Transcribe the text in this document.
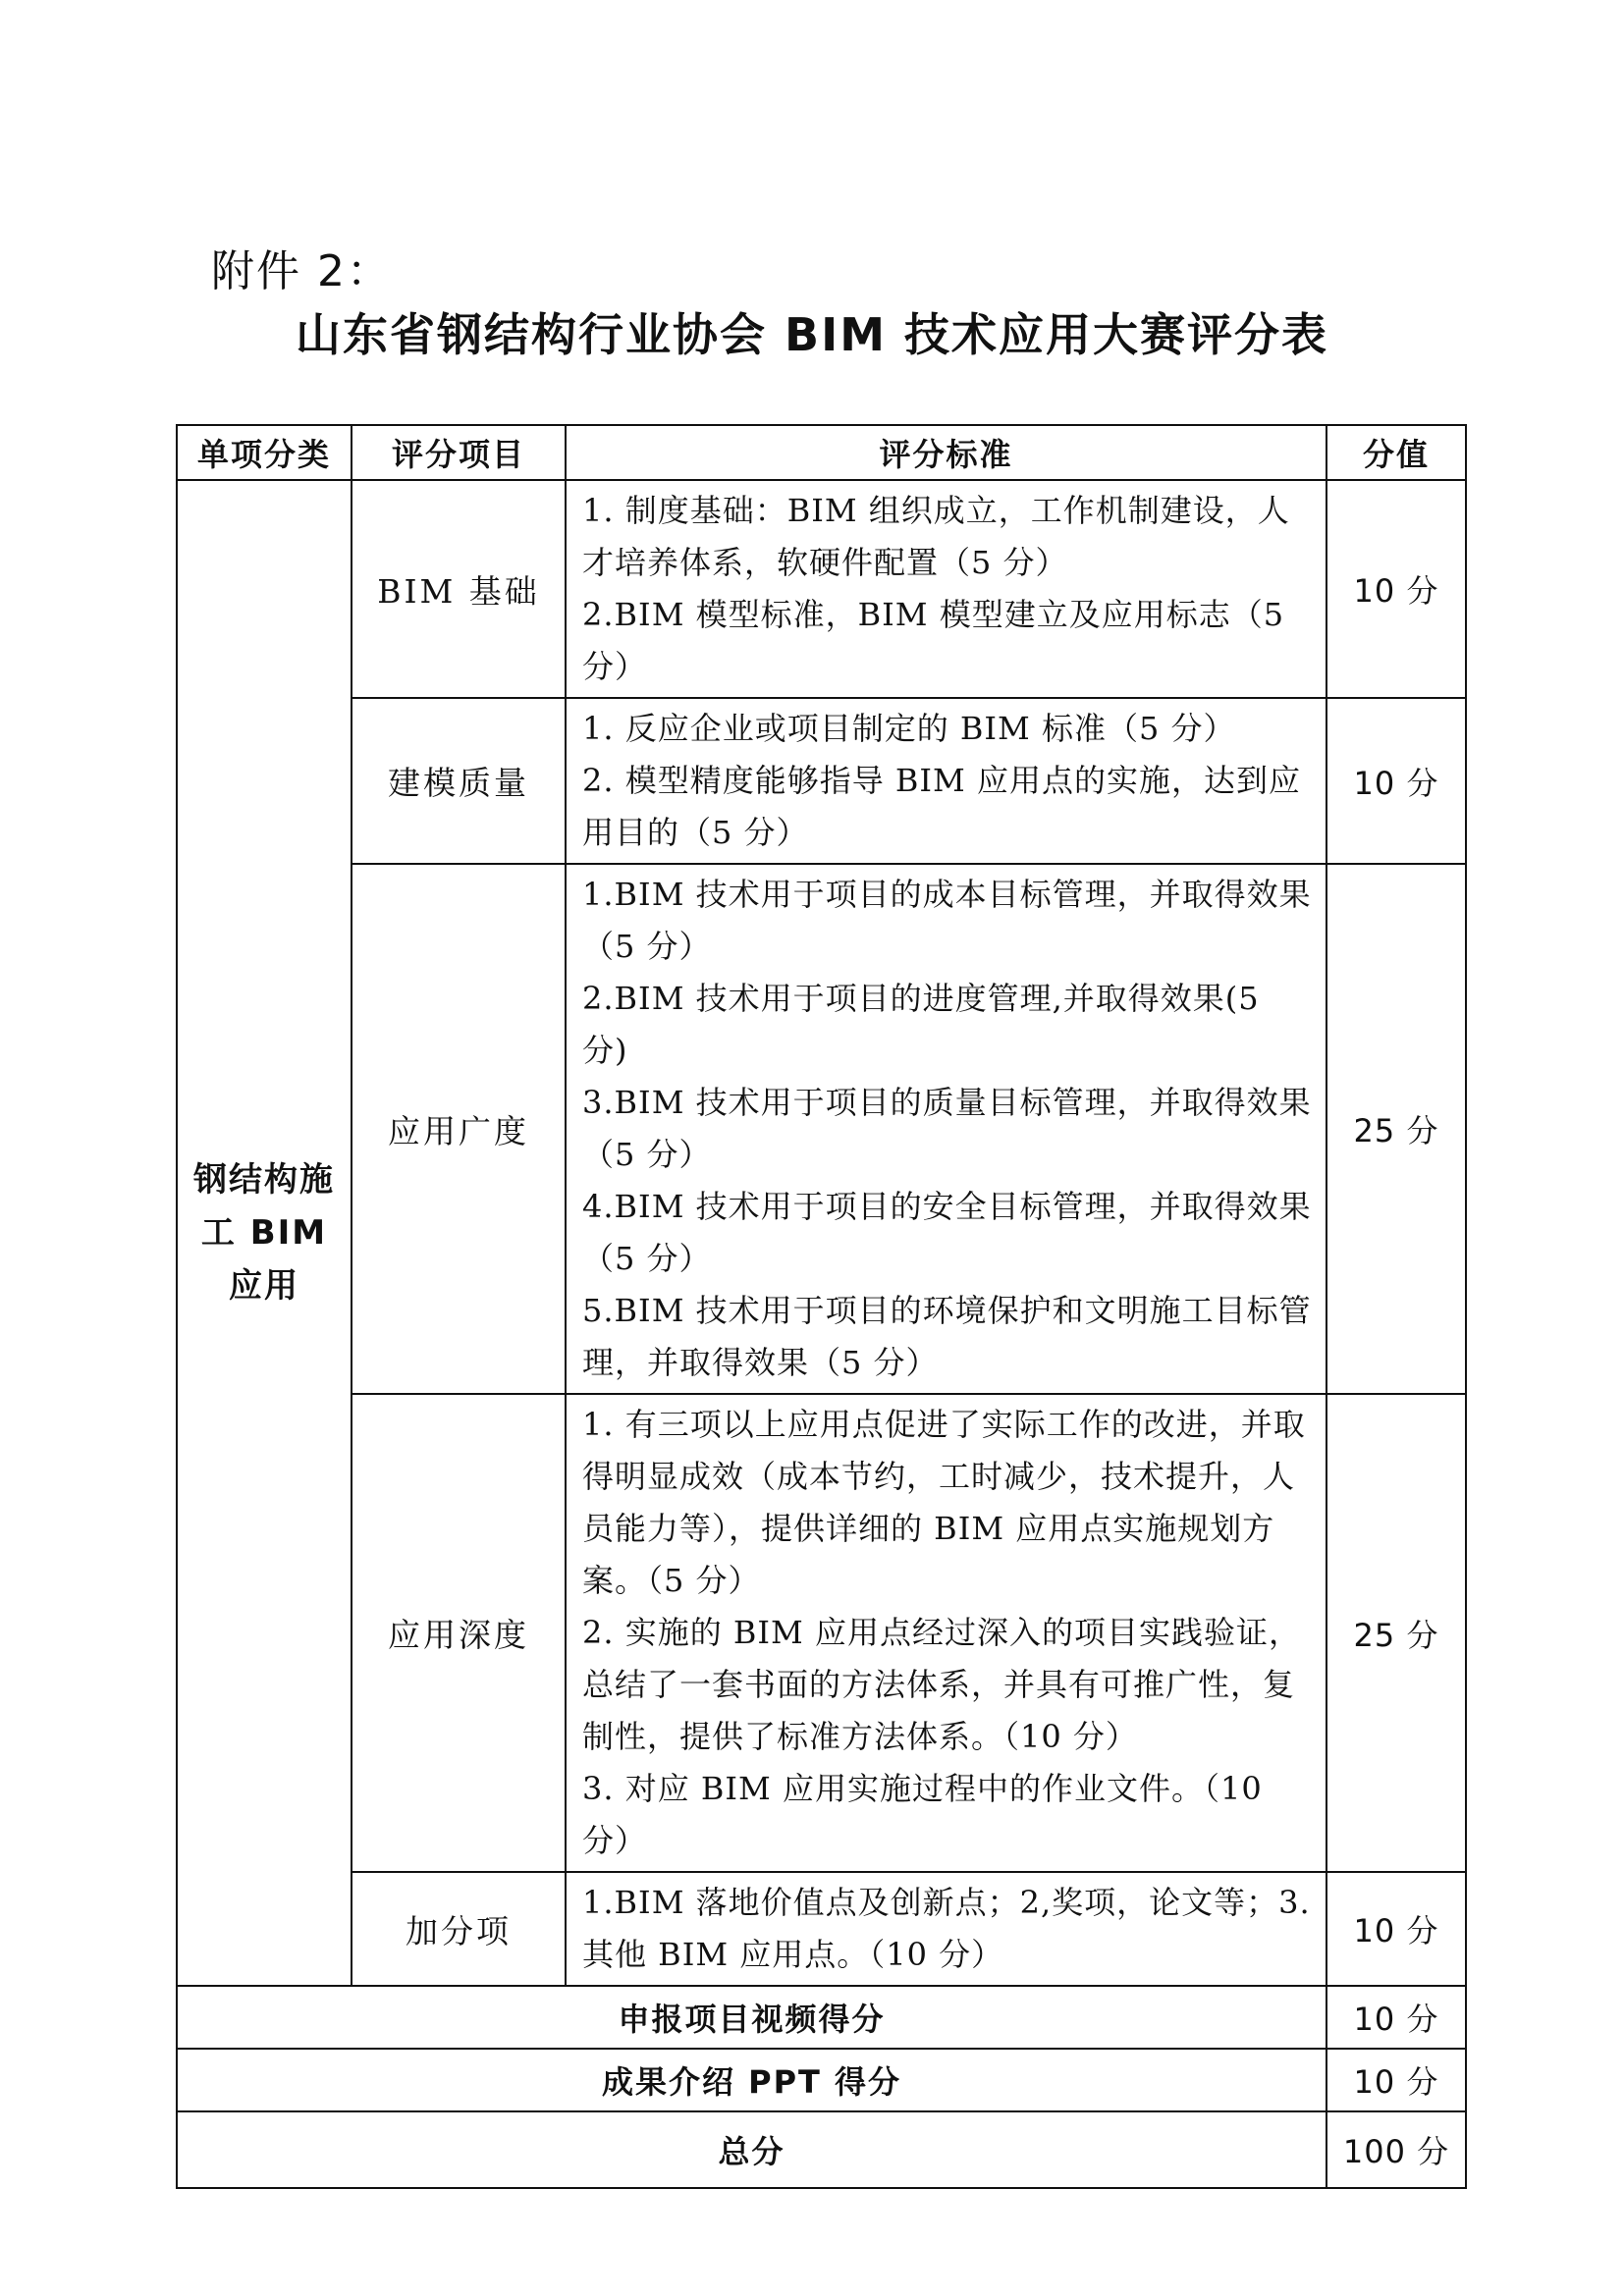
附件 2：
山东省钢结构行业协会 BIM 技术应用大赛评分表
单项分类	评分项目	评分标准	分值
钢结构施工 BIM 应用	BIM 基础	1. 制度基础：BIM 组织成立，工作机制建设，人才培养体系，软硬件配置（5 分）
2.BIM 模型标准，BIM 模型建立及应用标志（5 分）	10 分
	建模质量	1. 反应企业或项目制定的 BIM 标准（5 分）
2. 模型精度能够指导 BIM 应用点的实施，达到应用目的（5 分）	10 分
	应用广度	1.BIM 技术用于项目的成本目标管理，并取得效果（5 分）
2.BIM 技术用于项目的进度管理,并取得效果(5 分)
3.BIM 技术用于项目的质量目标管理，并取得效果（5 分）
4.BIM 技术用于项目的安全目标管理，并取得效果（5 分）
5.BIM 技术用于项目的环境保护和文明施工目标管理，并取得效果（5 分）	25 分
	应用深度	1. 有三项以上应用点促进了实际工作的改进，并取得明显成效（成本节约，工时减少，技术提升，人员能力等），提供详细的 BIM 应用点实施规划方案。（5 分）
2. 实施的 BIM 应用点经过深入的项目实践验证，总结了一套书面的方法体系，并具有可推广性，复制性，提供了标准方法体系。（10 分）
3. 对应 BIM 应用实施过程中的作业文件。（10 分）	25 分
	加分项	1.BIM 落地价值点及创新点；2,奖项，论文等；3. 其他 BIM 应用点。（10 分）	10 分
申报项目视频得分			10 分
成果介绍 PPT 得分			10 分
总分			100 分
